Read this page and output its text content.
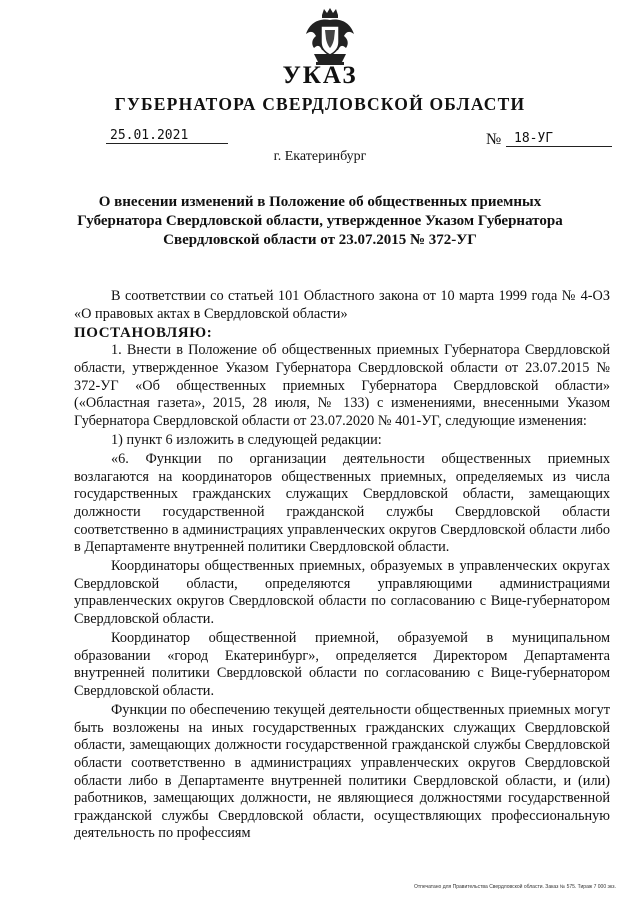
УКАЗ
ГУБЕРНАТОРА СВЕРДЛОВСКОЙ ОБЛАСТИ
25.01.2021	№ 18-УГ
г. Екатеринбург
О внесении изменений в Положение об общественных приемных
Губернатора Свердловской области, утвержденное Указом Губернатора
Свердловской области от 23.07.2015 № 372-УГ

В соответствии со статьей 101 Областного закона от 10 марта 1999 года № 4-ОЗ «О правовых актах в Свердловской области»

ПОСТАНОВЛЯЮ:

1. Внести в Положение об общественных приемных Губернатора Свердловской области, утвержденное Указом Губернатора Свердловской области от 23.07.2015 № 372-УГ «Об общественных приемных Губернатора Свердловской области» («Областная газета», 2015, 28 июля, № 133) с изменениями, внесенными Указом Губернатора Свердловской области от 23.07.2020 № 401-УГ, следующие изменения:

1) пункт 6 изложить в следующей редакции:

«6. Функции по организации деятельности общественных приемных возлагаются на координаторов общественных приемных, определяемых из числа государственных гражданских служащих Свердловской области, замещающих должности государственной гражданской службы Свердловской области соответственно в администрациях управленческих округов Свердловской области либо в Департаменте внутренней политики Свердловской области.

Координаторы общественных приемных, образуемых в управленческих округах Свердловской области, определяются управляющими администрациями управленческих округов Свердловской области по согласованию с Вице-губернатором Свердловской области.

Координатор общественной приемной, образуемой в муниципальном образовании «город Екатеринбург», определяется Директором Департамента внутренней политики Свердловской области по согласованию с Вице-губернатором Свердловской области.

Функции по обеспечению текущей деятельности общественных приемных могут быть возложены на иных государственных гражданских служащих Свердловской области, замещающих должности государственной гражданской службы Свердловской области соответственно в администрациях управленческих округов Свердловской области либо в Департаменте внутренней политики Свердловской области, и (или) работников, замещающих должности, не являющиеся должностями государственной гражданской службы Свердловской области, осуществляющих профессиональную деятельность по профессиям

Отпечатано для Правительства Свердловской области. Заказ № 575. Тираж 7 000 экз.
